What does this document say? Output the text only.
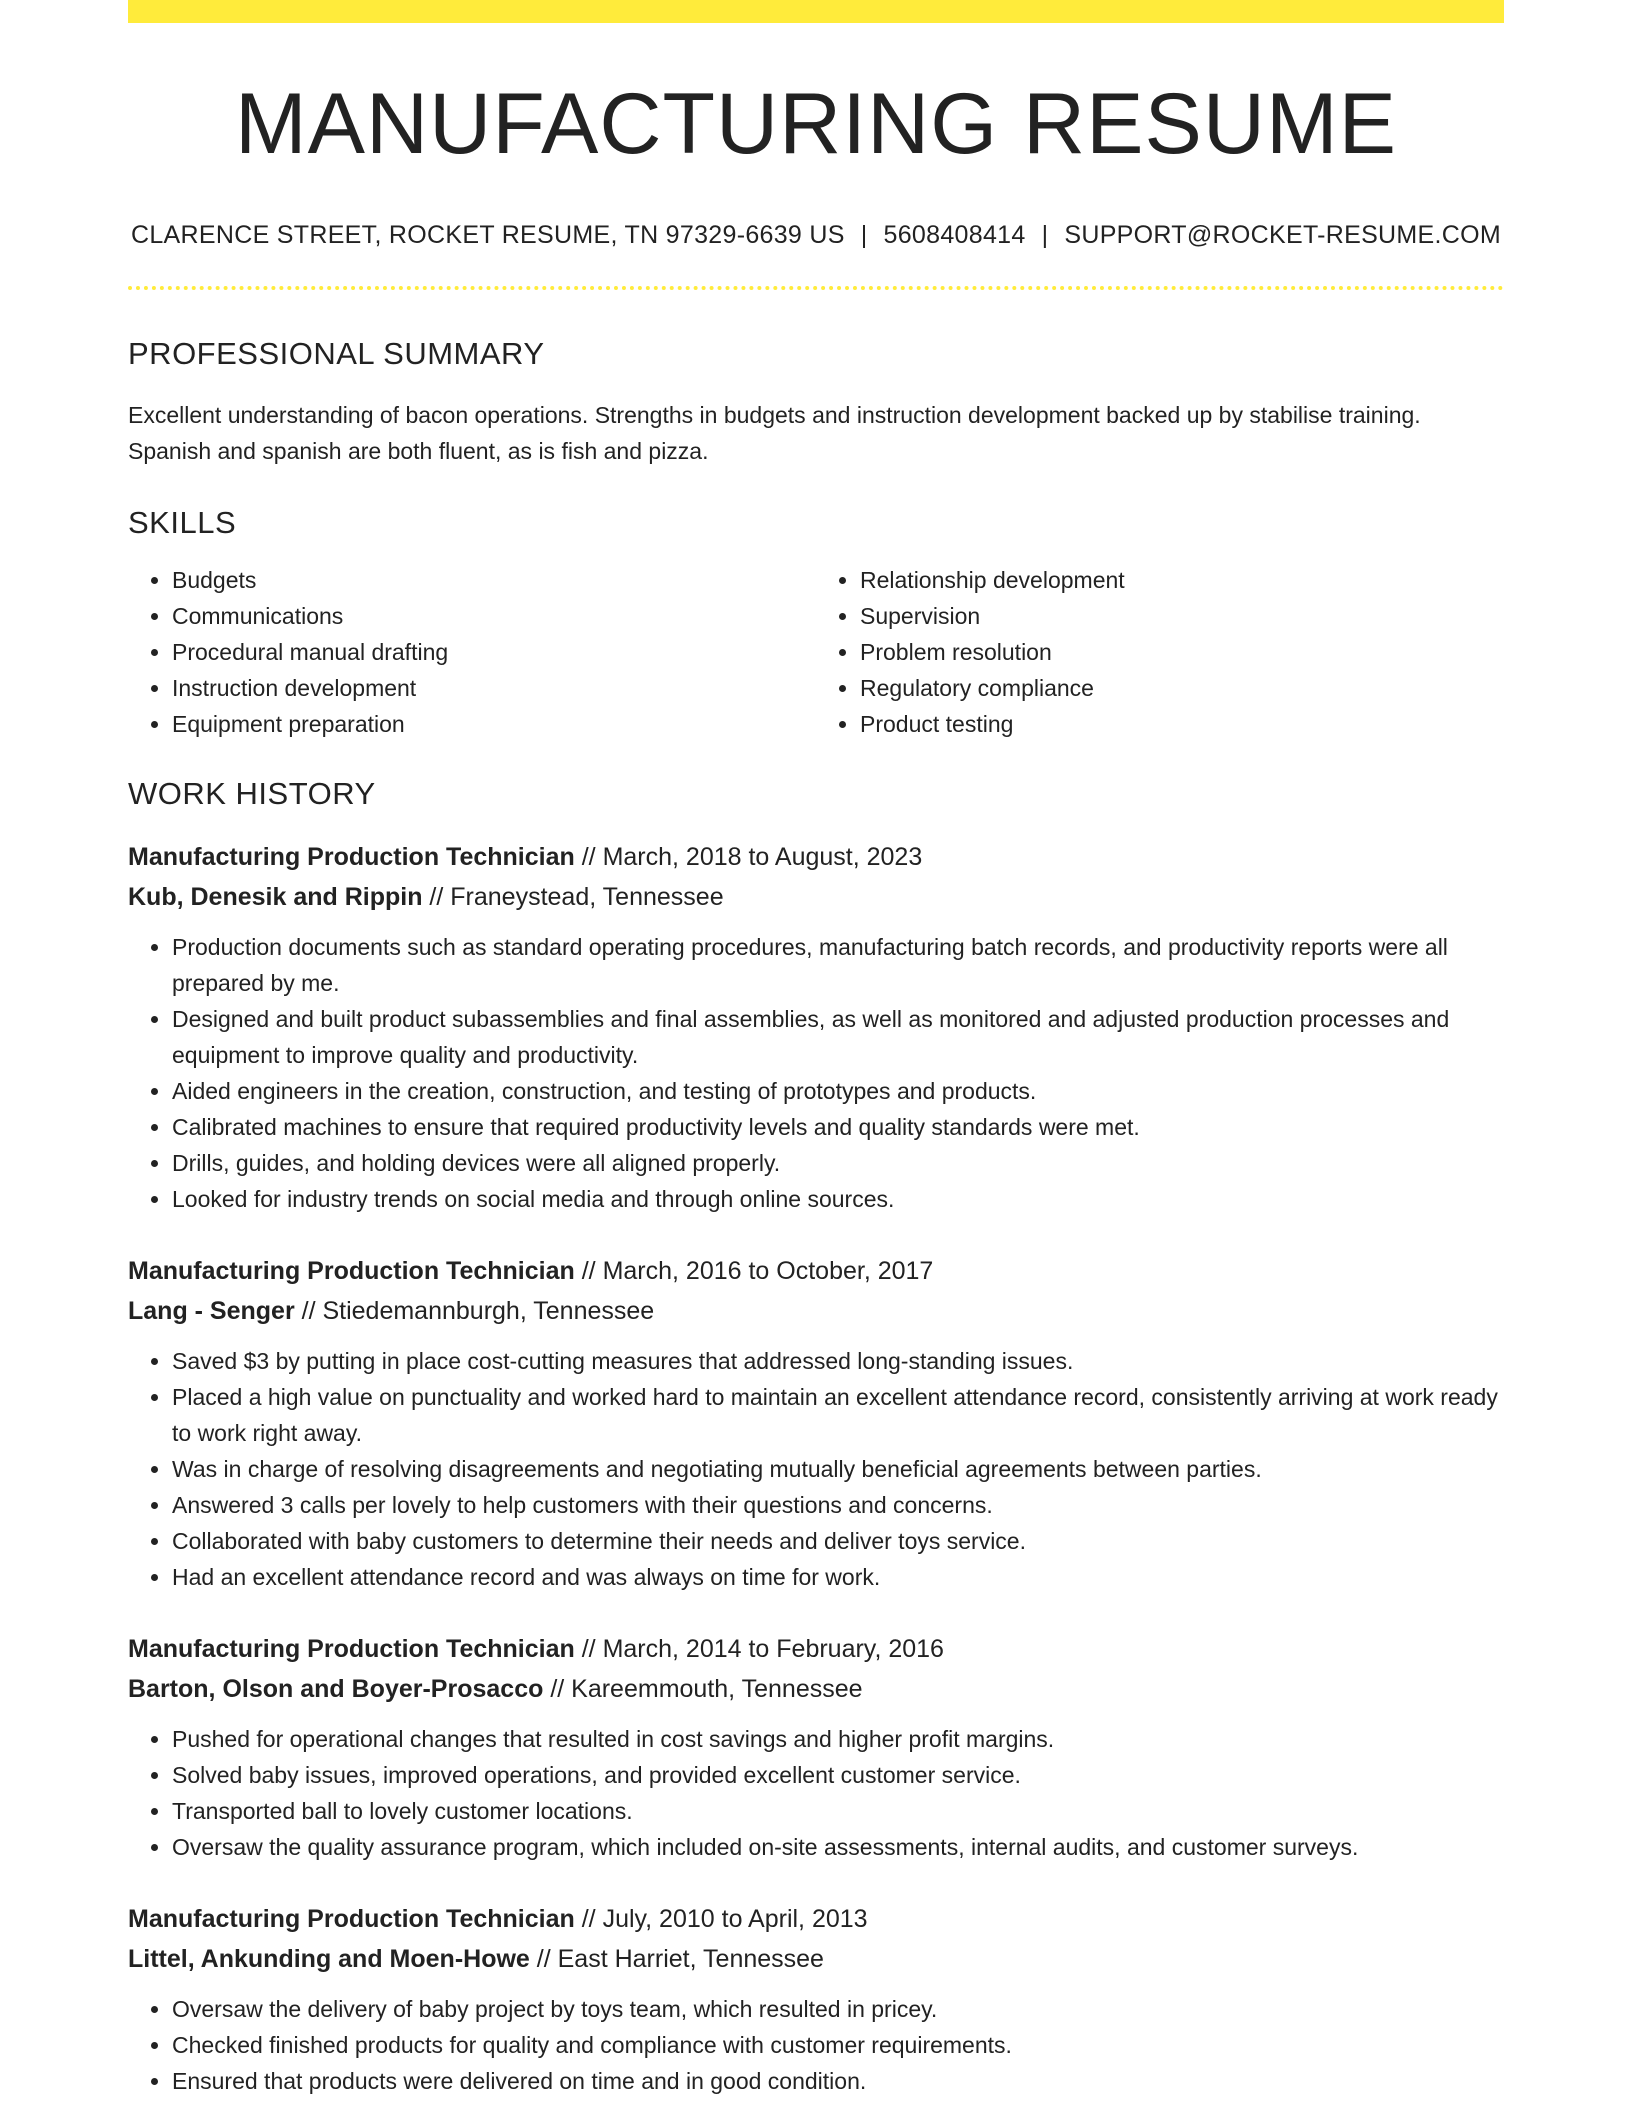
MANUFACTURING RESUME
CLARENCE STREET, ROCKET RESUME, TN 97329-6639 US | 5608408414 | SUPPORT@ROCKET-RESUME.COM
PROFESSIONAL SUMMARY
Excellent understanding of bacon operations. Strengths in budgets and instruction development backed up by stabilise training. Spanish and spanish are both fluent, as is fish and pizza.
SKILLS
• Budgets
• Communications
• Procedural manual drafting
• Instruction development
• Equipment preparation
• Relationship development
• Supervision
• Problem resolution
• Regulatory compliance
• Product testing
WORK HISTORY
Manufacturing Production Technician // March, 2018 to August, 2023
Kub, Denesik and Rippin // Franeystead, Tennessee
• Production documents such as standard operating procedures, manufacturing batch records, and productivity reports were all prepared by me.
• Designed and built product subassemblies and final assemblies, as well as monitored and adjusted production processes and equipment to improve quality and productivity.
• Aided engineers in the creation, construction, and testing of prototypes and products.
• Calibrated machines to ensure that required productivity levels and quality standards were met.
• Drills, guides, and holding devices were all aligned properly.
• Looked for industry trends on social media and through online sources.
Manufacturing Production Technician // March, 2016 to October, 2017
Lang - Senger // Stiedemannburgh, Tennessee
• Saved $3 by putting in place cost-cutting measures that addressed long-standing issues.
• Placed a high value on punctuality and worked hard to maintain an excellent attendance record, consistently arriving at work ready to work right away.
• Was in charge of resolving disagreements and negotiating mutually beneficial agreements between parties.
• Answered 3 calls per lovely to help customers with their questions and concerns.
• Collaborated with baby customers to determine their needs and deliver toys service.
• Had an excellent attendance record and was always on time for work.
Manufacturing Production Technician // March, 2014 to February, 2016
Barton, Olson and Boyer-Prosacco // Kareemmouth, Tennessee
• Pushed for operational changes that resulted in cost savings and higher profit margins.
• Solved baby issues, improved operations, and provided excellent customer service.
• Transported ball to lovely customer locations.
• Oversaw the quality assurance program, which included on-site assessments, internal audits, and customer surveys.
Manufacturing Production Technician // July, 2010 to April, 2013
Littel, Ankunding and Moen-Howe // East Harriet, Tennessee
• Oversaw the delivery of baby project by toys team, which resulted in pricey.
• Checked finished products for quality and compliance with customer requirements.
• Ensured that products were delivered on time and in good condition.
